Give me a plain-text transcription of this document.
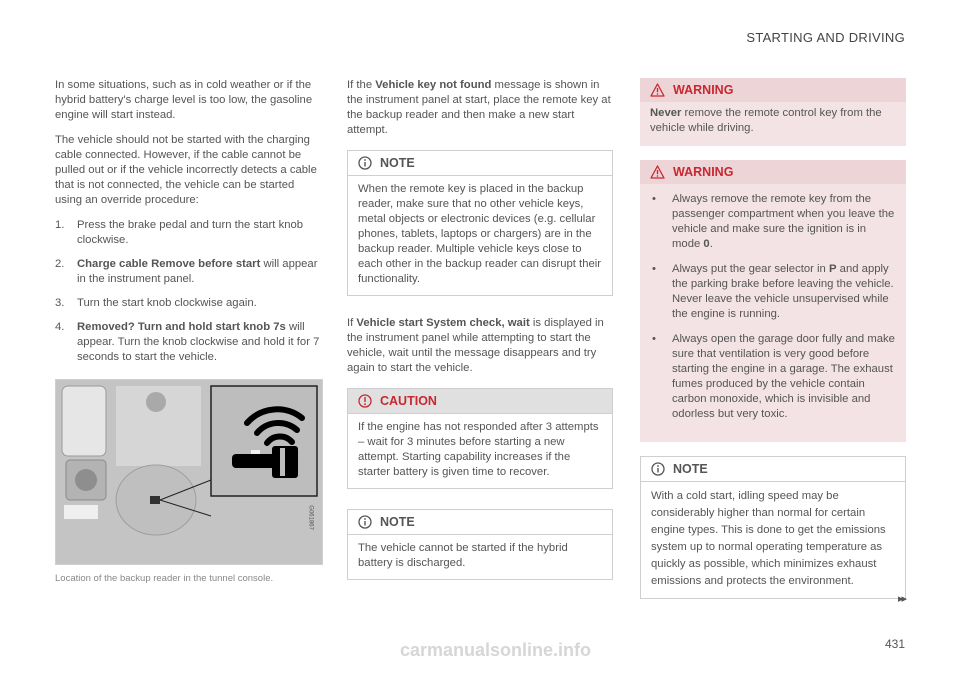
STARTING AND DRIVING

In some situations, such as in cold weather or if the hybrid battery's charge level is too low, the gasoline engine will start instead.

The vehicle should not be started with the charging cable connected. However, if the cable cannot be pulled out or if the vehicle incorrectly detects a cable that is not connected, the vehicle can be started using an override procedure:

1. Press the brake pedal and turn the start knob clockwise.
2. Charge cable Remove before start will appear in the instrument panel.
3. Turn the start knob clockwise again.
4. Removed? Turn and hold start knob 7s will appear. Turn the knob clockwise and hold it for 7 seconds to start the vehicle.
G061867
Location of the backup reader in the tunnel console.

If the Vehicle key not found message is shown in the instrument panel at start, place the remote key at the backup reader and then make a new start attempt.

NOTE
When the remote key is placed in the backup reader, make sure that no other vehicle keys, metal objects or electronic devices (e.g. cellular phones, tablets, laptops or chargers) are in the backup reader. Multiple vehicle keys close to each other in the backup reader can disrupt their functionality.

If Vehicle start System check, wait is displayed in the instrument panel while attempting to start the vehicle, wait until the message disappears and try again to start the vehicle.

CAUTION
If the engine has not responded after 3 attempts – wait for 3 minutes before starting a new attempt. Starting capability increases if the starter battery is given time to recover.
NOTE
The vehicle cannot be started if the hybrid battery is discharged.
WARNING
Never remove the remote control key from the vehicle while driving.
WARNING
• Always remove the remote key from the passenger compartment when you leave the vehicle and make sure the ignition is in mode 0.
• Always put the gear selector in P and apply the parking brake before leaving the vehicle. Never leave the vehicle unsupervised while the engine is running.
• Always open the garage door fully and make sure that ventilation is very good before starting the engine in a garage. The exhaust fumes produced by the vehicle contain carbon monoxide, which is invisible and odorless but very toxic.
NOTE
With a cold start, idling speed may be considerably higher than normal for certain engine types. This is done to get the emissions system up to normal operating temperature as quickly as possible, which minimizes exhaust emissions and protects the environment.
▸▸
431
carmanualsonline.info
